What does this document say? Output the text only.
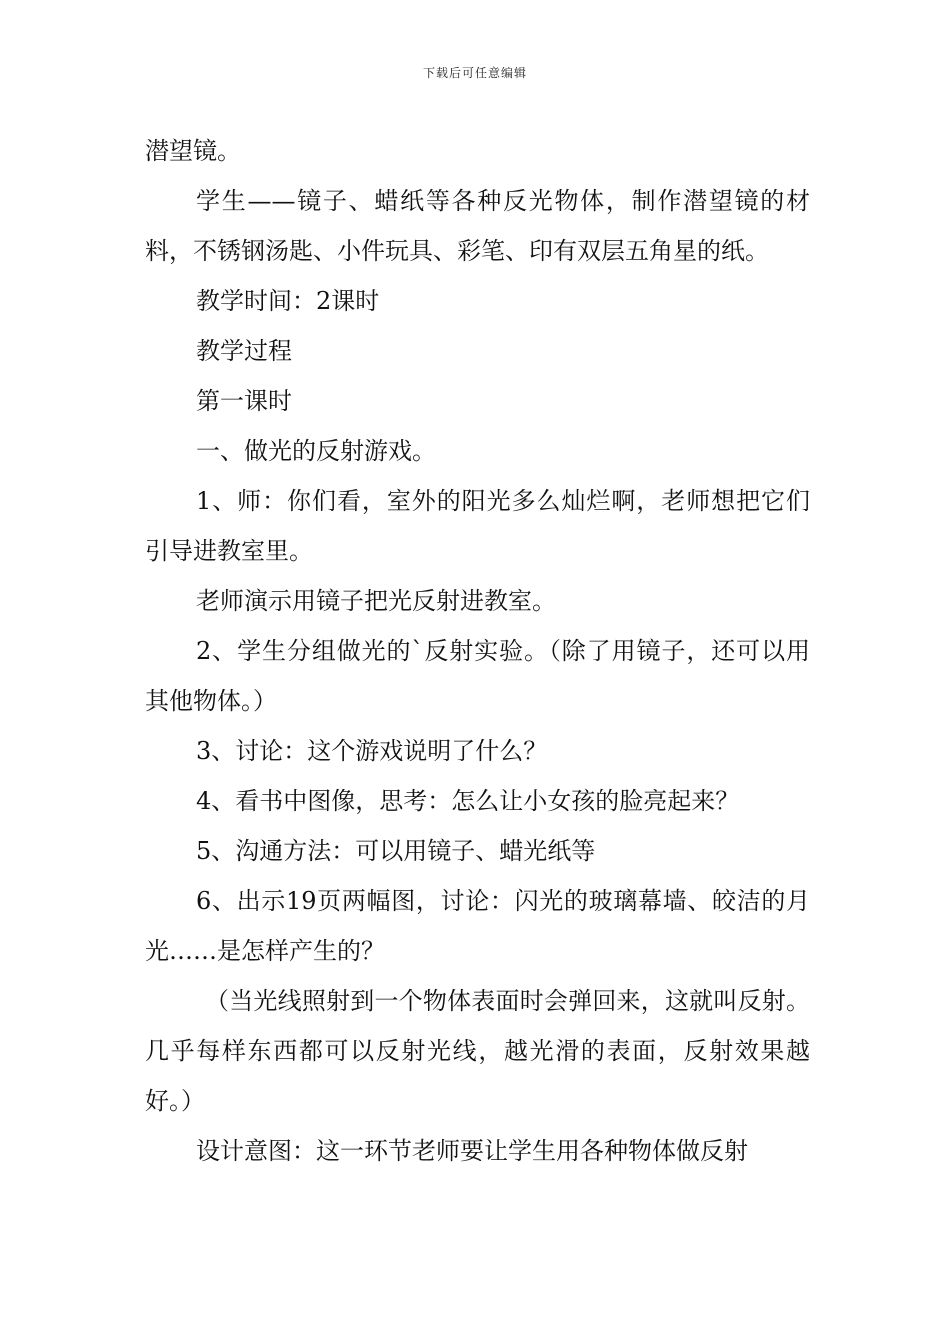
下载后可任意编辑

潜望镜。

学生——镜子、蜡纸等各种反光物体，制作潜望镜的材料，不锈钢汤匙、小件玩具、彩笔、印有双层五角星的纸。

教学时间：2课时

教学过程

第一课时

一、做光的反射游戏。

1、师：你们看，室外的阳光多么灿烂啊，老师想把它们引导进教室里。

老师演示用镜子把光反射进教室。

2、学生分组做光的`反射实验。（除了用镜子，还可以用其他物体。）

3、讨论：这个游戏说明了什么？

4、看书中图像，思考：怎么让小女孩的脸亮起来？

5、沟通方法：可以用镜子、蜡光纸等

6、出示19页两幅图，讨论：闪光的玻璃幕墙、皎洁的月光……是怎样产生的？

（当光线照射到一个物体表面时会弹回来，这就叫反射。几乎每样东西都可以反射光线，越光滑的表面，反射效果越好。）

设计意图：这一环节老师要让学生用各种物体做反射
